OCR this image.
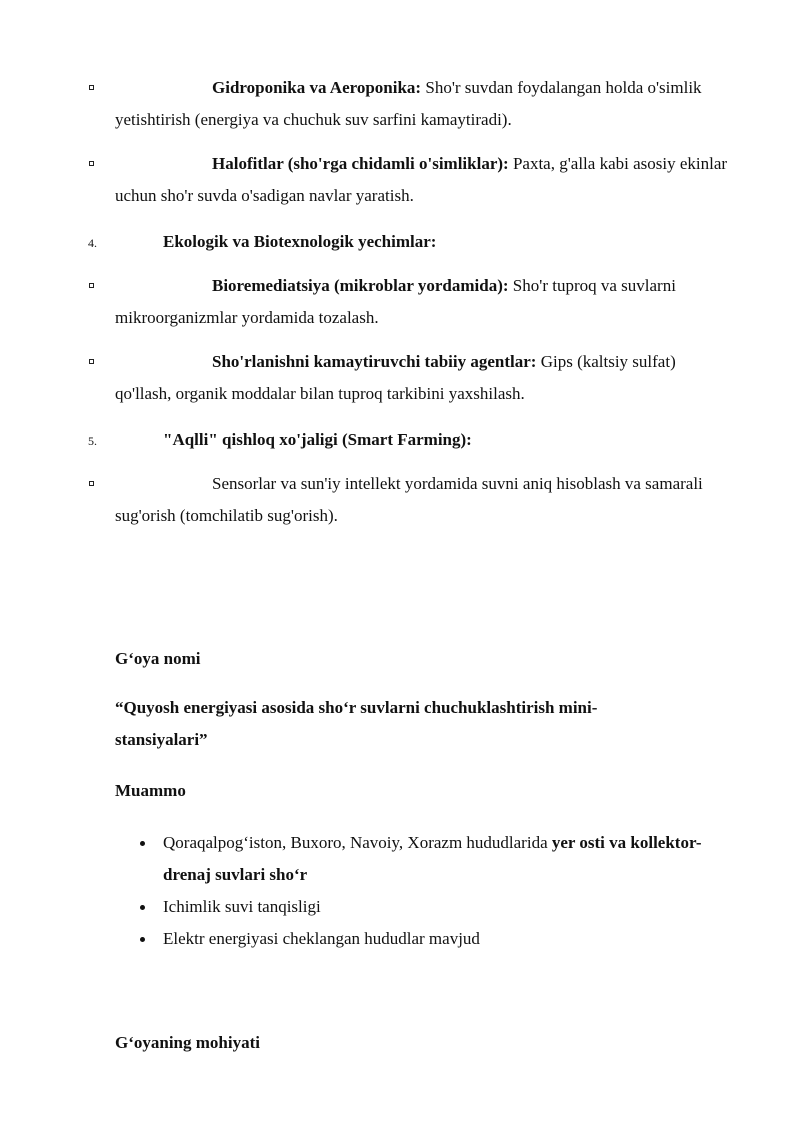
Gidroponika va Aeroponika: Sho'r suvdan foydalangan holda o'simlik yetishtirish (energiya va chuchuk suv sarfini kamaytiradi).
Halofitlar (sho'rga chidamli o'simliklar): Paxta, g'alla kabi asosiy ekinlar uchun sho'r suvda o'sadigan navlar yaratish.
4.	Ekologik va Biotexnologik yechimlar:
Bioremediatsiya (mikroblar yordamida): Sho'r tuproq va suvlarni mikroorganizmlar yordamida tozalash.
Sho'rlanishni kamaytiruvchi tabiiy agentlar: Gips (kaltsiy sulfat) qo'llash, organik moddalar bilan tuproq tarkibini yaxshilash.
5.	"Aqlli" qishloq xo'jaligi (Smart Farming):
Sensorlar va sun'iy intellekt yordamida suvni aniq hisoblash va samarali sug'orish (tomchilatib sug'orish).
G‘oya nomi
“Quyosh energiyasi asosida sho‘r suvlarni chuchuklashtirish mini-stansiyalari”
Muammo
Qoraqalpog‘iston, Buxoro, Navoiy, Xorazm hududlarida yer osti va kollektor-drenaj suvlari sho‘r
Ichimlik suvi tanqisligi
Elektr energiyasi cheklangan hududlar mavjud
G‘oyaning mohiyati
